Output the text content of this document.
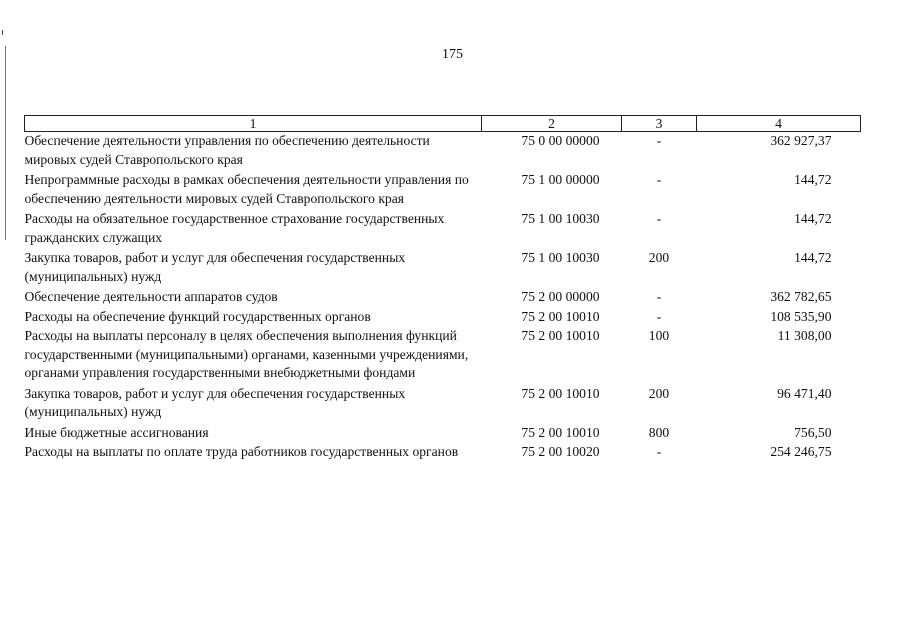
175
1	2	3	4
Обеспечение деятельности управления по обеспечению деятельности мировых судей Ставропольского края	75 0 00 00000	-	362 927,37
Непрограммные расходы в рамках обеспечения деятельности управления по обеспечению деятельности мировых судей Ставропольского края	75 1 00 00000	-	144,72
Расходы на обязательное государственное страхование государственных гражданских служащих	75 1 00 10030	-	144,72
Закупка товаров, работ и услуг для обеспечения государственных (муниципальных) нужд	75 1 00 10030	200	144,72
Обеспечение деятельности аппаратов судов	75 2 00 00000	-	362 782,65
Расходы на обеспечение функций государственных органов	75 2 00 10010	-	108 535,90
Расходы на выплаты персоналу в целях обеспечения выполнения функций государственными (муниципальными) органами, казенными учреждениями, органами управления государственными внебюджетными фондами	75 2 00 10010	100	11 308,00
Закупка товаров, работ и услуг для обеспечения государственных (муниципальных) нужд	75 2 00 10010	200	96 471,40
Иные бюджетные ассигнования	75 2 00 10010	800	756,50
Расходы на выплаты по оплате труда работников государственных органов	75 2 00 10020	-	254 246,75
